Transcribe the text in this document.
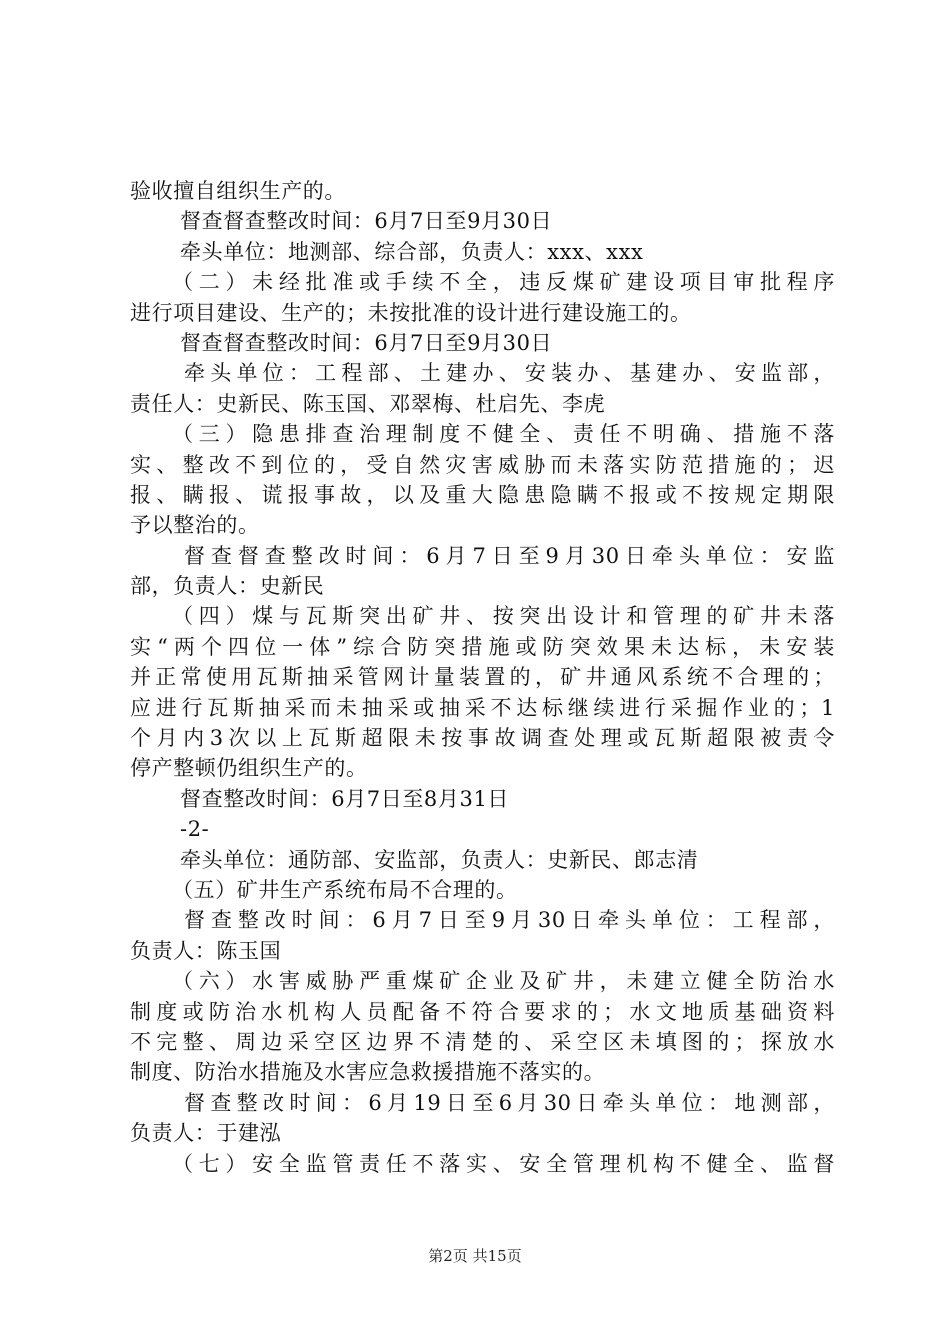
验收擅自组织生产的。
督查督查整改时间：6月7日至9月30日
牵头单位：地测部、综合部，负责人：xxx、xxx
（二）未经批准或手续不全，违反煤矿建设项目审批程序
进行项目建设、生产的；未按批准的设计进行建设施工的。
督查督查整改时间：6月7日至9月30日
牵头单位：工程部、土建办、安装办、基建办、安监部，
责任人：史新民、陈玉国、邓翠梅、杜启先、李虎
（三）隐患排查治理制度不健全、责任不明确、措施不落
实、整改不到位的，受自然灾害威胁而未落实防范措施的；迟
报、瞒报、谎报事故，以及重大隐患隐瞒不报或不按规定期限
予以整治的。
督查督查整改时间：6月7日至9月30日牵头单位：安监
部，负责人：史新民
（四）煤与瓦斯突出矿井、按突出设计和管理的矿井未落
实“两个四位一体”综合防突措施或防突效果未达标，未安装
并正常使用瓦斯抽采管网计量装置的，矿井通风系统不合理的；
应进行瓦斯抽采而未抽采或抽采不达标继续进行采掘作业的；1
个月内3次以上瓦斯超限未按事故调查处理或瓦斯超限被责令
停产整顿仍组织生产的。
督查整改时间：6月7日至8月31日
-2-
牵头单位：通防部、安监部，负责人：史新民、郎志清
（五）矿井生产系统布局不合理的。
督查整改时间：6月7日至9月30日牵头单位：工程部，
负责人：陈玉国
（六）水害威胁严重煤矿企业及矿井，未建立健全防治水
制度或防治水机构人员配备不符合要求的；水文地质基础资料
不完整、周边采空区边界不清楚的、采空区未填图的；探放水
制度、防治水措施及水害应急救援措施不落实的。
督查整改时间：6月19日至6月30日牵头单位：地测部，
负责人：于建泓
（七）安全监管责任不落实、安全管理机构不健全、监督
第2页 共15页
